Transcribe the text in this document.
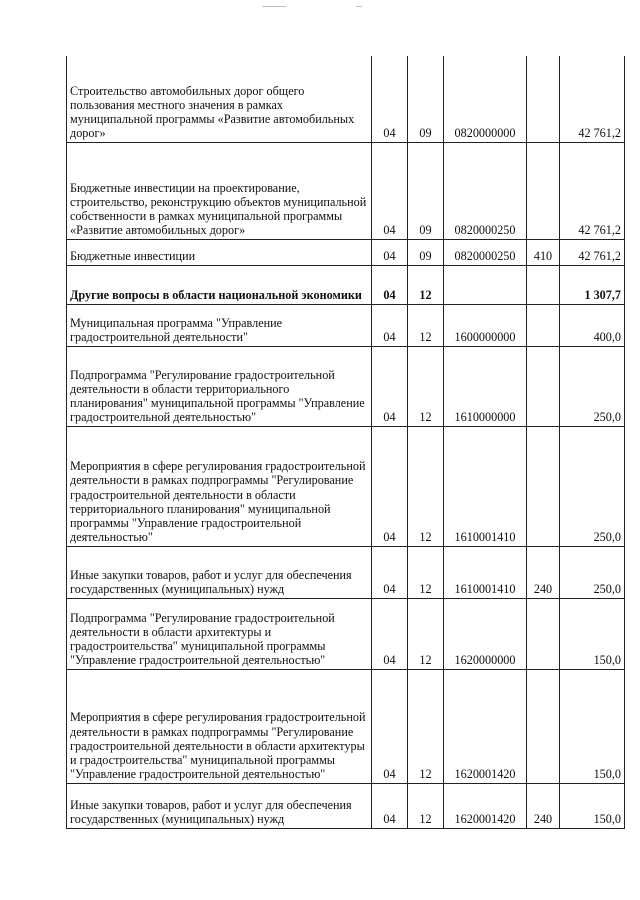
Строительство автомобильных дорог общего пользования местного значения в рамках муниципальной программы «Развитие автомобильных дорог»	04	09	0820000000		42 761,2
Бюджетные инвестиции на проектирование, строительство, реконструкцию объектов муниципальной собственности в рамках муниципальной программы «Развитие автомобильных дорог»	04	09	0820000250		42 761,2
Бюджетные инвестиции	04	09	0820000250	410	42 761,2
Другие вопросы в области национальной экономики	04	12			1 307,7
Муниципальная программа "Управление градостроительной деятельности"	04	12	1600000000		400,0
Подпрограмма "Регулирование градостроительной деятельности в области территориального планирования" муниципальной программы "Управление градостроительной деятельностью"	04	12	1610000000		250,0
Мероприятия в сфере регулирования градостроительной деятельности в рамках подпрограммы "Регулирование градостроительной деятельности в области территориального планирования" муниципальной программы "Управление градостроительной деятельностью"	04	12	1610001410		250,0
Иные закупки товаров, работ и услуг для обеспечения государственных (муниципальных) нужд	04	12	1610001410	240	250,0
Подпрограмма "Регулирование градостроительной деятельности в области архитектуры и градостроительства" муниципальной программы "Управление градостроительной деятельностью"	04	12	1620000000		150,0
Мероприятия в сфере регулирования градостроительной деятельности в рамках подпрограммы "Регулирование градостроительной деятельности в области архитектуры и градостроительства" муниципальной программы "Управление градостроительной деятельностью"	04	12	1620001420		150,0
Иные закупки товаров, работ и услуг для обеспечения государственных (муниципальных) нужд	04	12	1620001420	240	150,0
